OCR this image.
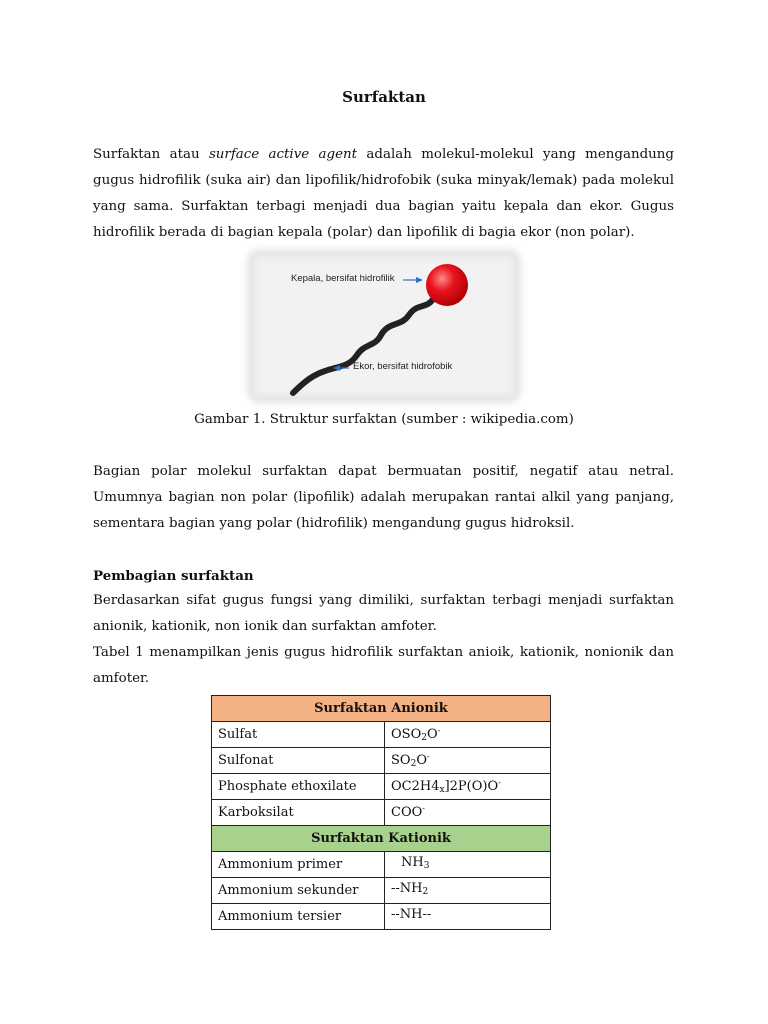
Surfaktan

Surfaktan atau surface active agent adalah molekul-molekul yang mengandung gugus hidrofilik (suka air) dan lipofilik/hidrofobik (suka minyak/lemak) pada molekul yang sama. Surfaktan terbagi menjadi dua bagian yaitu kepala dan ekor. Gugus hidrofilik berada di bagian kepala (polar) dan lipofilik di bagia ekor (non polar).

Kepala, bersifat hidrofilik
Ekor, bersifat hidrofobik
Gambar 1. Struktur surfaktan (sumber : wikipedia.com)

Bagian polar molekul surfaktan dapat bermuatan positif, negatif atau netral. Umumnya bagian non polar (lipofilik) adalah merupakan rantai alkil yang panjang, sementara bagian yang polar (hidrofilik) mengandung gugus hidroksil.

Pembagian surfaktan

Berdasarkan sifat gugus fungsi yang dimiliki, surfaktan terbagi menjadi surfaktan anionik, kationik, non ionik dan surfaktan amfoter.

Tabel 1 menampilkan jenis gugus hidrofilik surfaktan anioik, kationik, nonionik dan amfoter.

Surfaktan Anionik	
Sulfat	$OSO_2O^-$
Sulfonat	$SO_2O^-$
Phosphate ethoxilate	$OC2H4_x]2P(O)O^-$
Karboksilat	COO-
Surfaktan Kationik	
Ammonium primer	$NH_3$
Ammonium sekunder	$--NH_2$
Ammonium tersier	--NH--
